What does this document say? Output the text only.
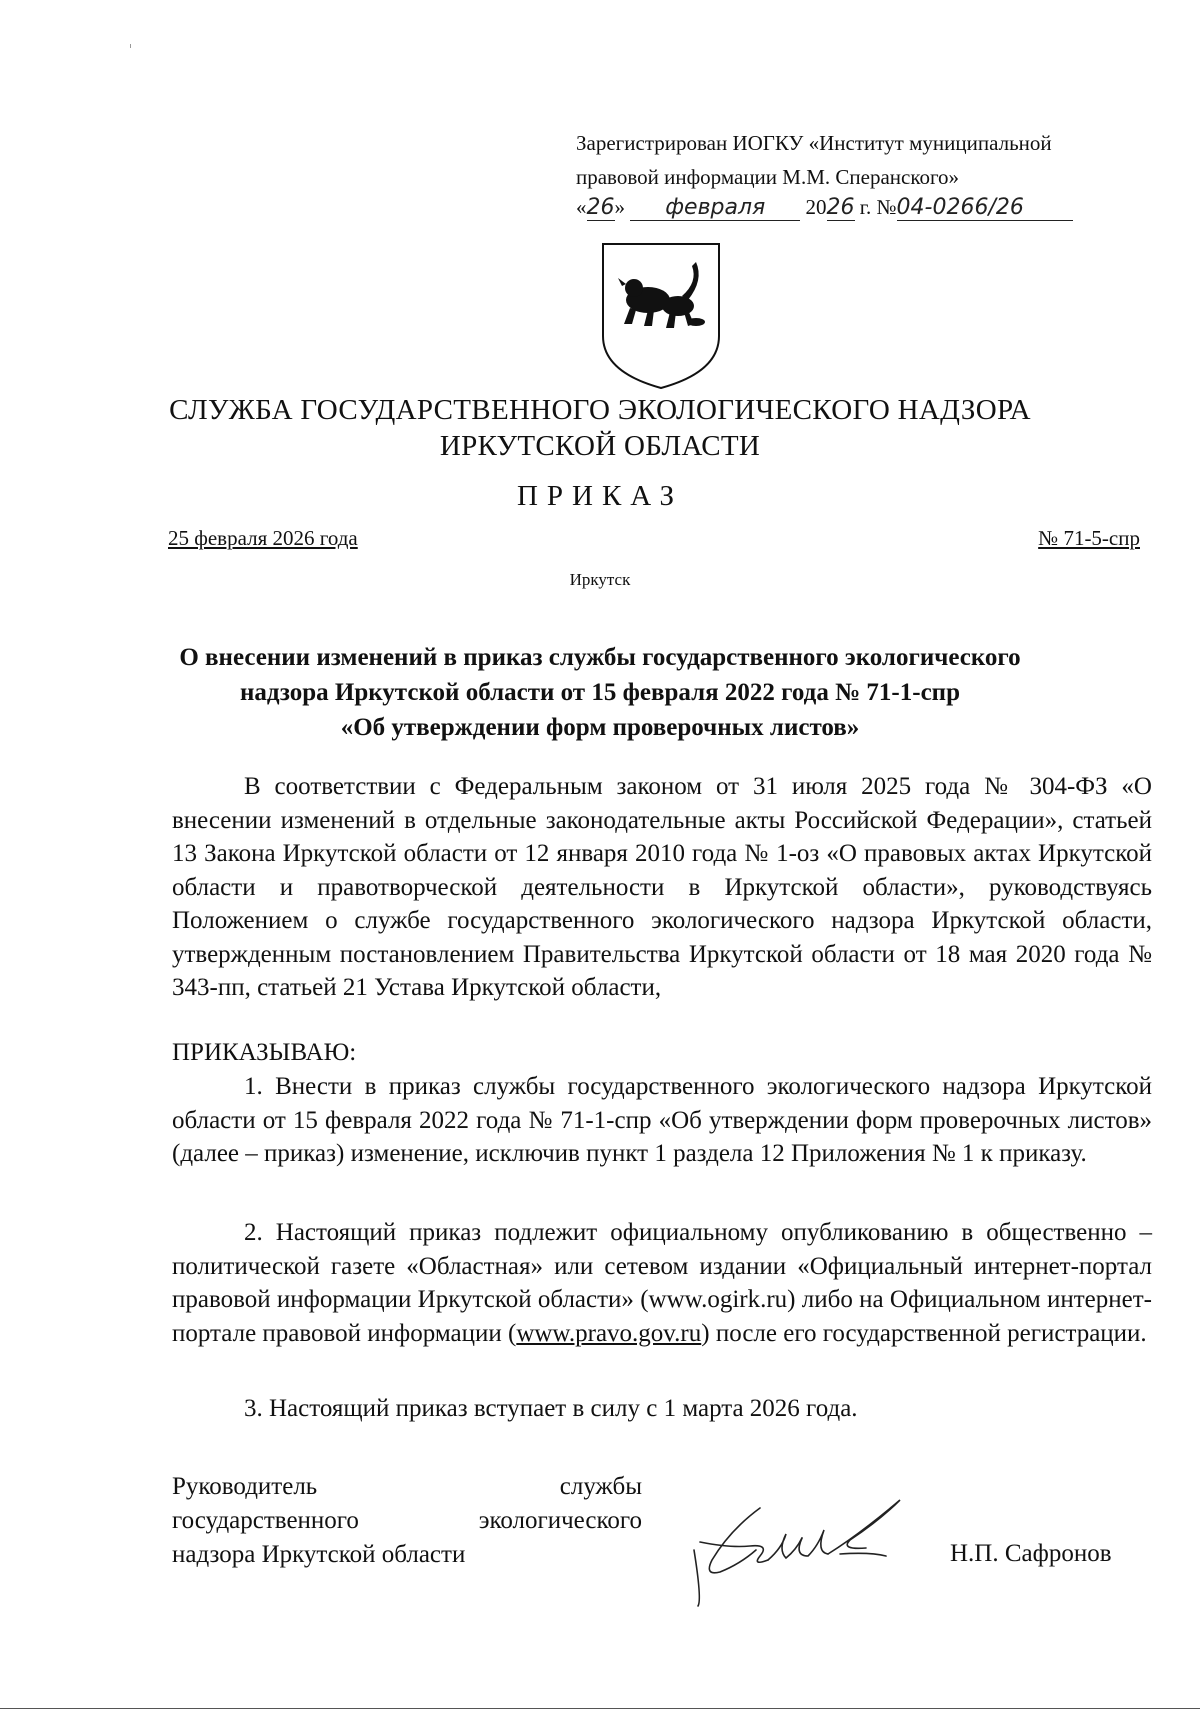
Зарегистрирован ИОГКУ «Институт муниципальной
правовой информации М.М. Сперанского»
«26» февраля 2026 г. №04-0266/26
СЛУЖБА ГОСУДАРСТВЕННОГО ЭКОЛОГИЧЕСКОГО НАДЗОРА
ИРКУТСКОЙ ОБЛАСТИ
ПРИКАЗ
25 февраля 2026 года	№ 71-5-спр
Иркутск
О внесении изменений в приказ службы государственного экологического
надзора Иркутской области от 15 февраля 2022 года № 71-1-спр
«Об утверждении форм проверочных листов»

В соответствии с Федеральным законом от 31 июля 2025 года № 304-ФЗ «О внесении изменений в отдельные законодательные акты Российской Федерации», статьей 13 Закона Иркутской области от 12 января 2010 года № 1-оз «О правовых актах Иркутской области и правотворческой деятельности в Иркутской области», руководствуясь Положением о службе государственного экологического надзора Иркутской области, утвержденным постановлением Правительства Иркутской области от 18 мая 2020 года № 343-пп, статьей 21 Устава Иркутской области,

ПРИКАЗЫВАЮ:

1. Внести в приказ службы государственного экологического надзора Иркутской области от 15 февраля 2022 года № 71-1-спр «Об утверждении форм проверочных листов» (далее – приказ) изменение, исключив пункт 1 раздела 12 Приложения № 1 к приказу.

2. Настоящий приказ подлежит официальному опубликованию в общественно – политической газете «Областная» или сетевом издании «Официальный интернет-портал правовой информации Иркутской области» (www.ogirk.ru) либо на Официальном интернет-портале правовой информации (www.pravo.gov.ru) после его государственной регистрации.

3. Настоящий приказ вступает в силу с 1 марта 2026 года.

Руководитель службы
государственного экологического
надзора Иркутской области	Н.П. Сафронов
